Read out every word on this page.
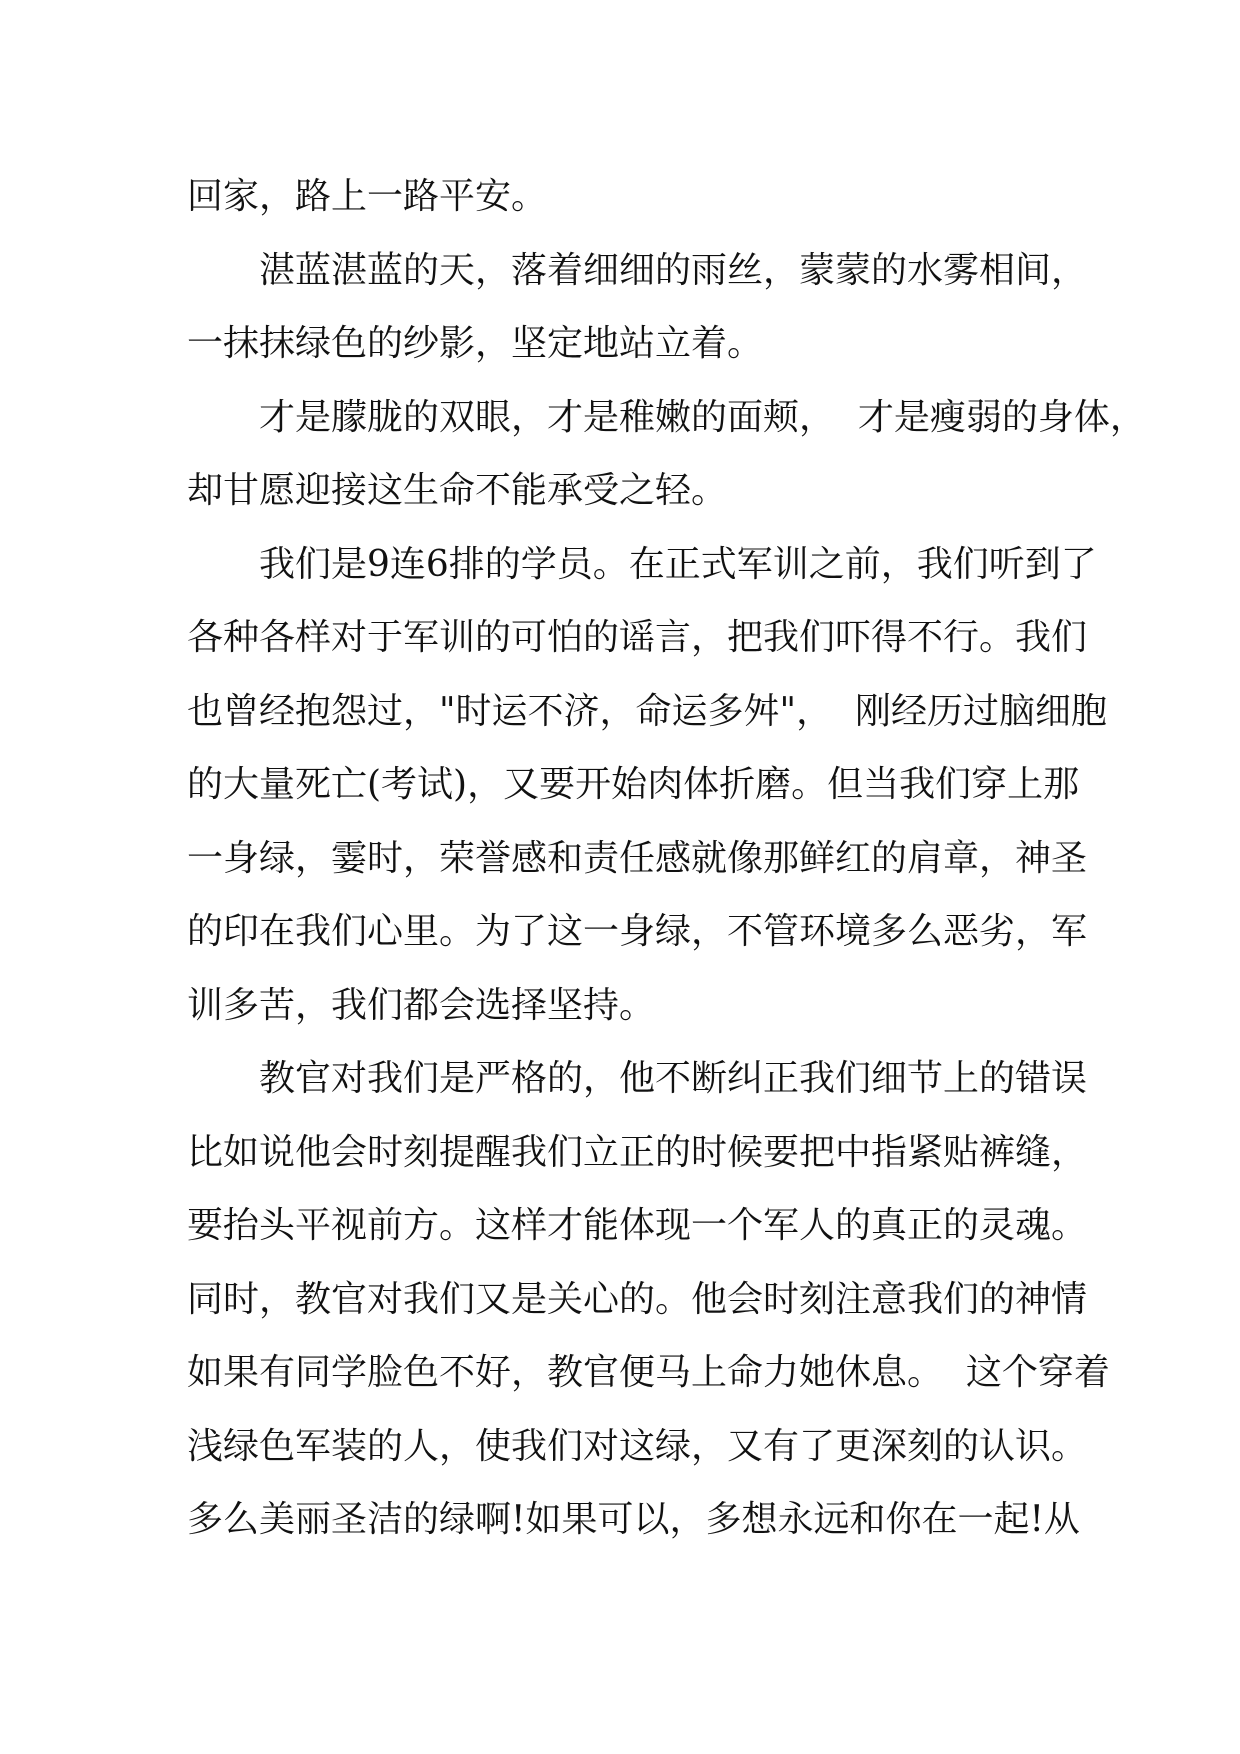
回家，路上一路平安。
湛蓝湛蓝的天，落着细细的雨丝，蒙蒙的水雾相间，
一抹抹绿色的纱影，坚定地站立着。
才是朦胧的双眼，才是稚嫩的面颊，  才是瘦弱的身体，
却甘愿迎接这生命不能承受之轻。
我们是9连6排的学员。在正式军训之前，我们听到了
各种各样对于军训的可怕的谣言，把我们吓得不行。我们
也曾经抱怨过，"时运不济，命运多舛"，  刚经历过脑细胞
的大量死亡(考试)，又要开始肉体折磨。但当我们穿上那
一身绿，霎时，荣誉感和责任感就像那鲜红的肩章，神圣
的印在我们心里。为了这一身绿，不管环境多么恶劣，军
训多苦，我们都会选择坚持。
教官对我们是严格的，他不断纠正我们细节上的错误
比如说他会时刻提醒我们立正的时候要把中指紧贴裤缝，
要抬头平视前方。这样才能体现一个军人的真正的灵魂。
同时，教官对我们又是关心的。他会时刻注意我们的神情
如果有同学脸色不好，教官便马上命力她休息。  这个穿着
浅绿色军装的人，使我们对这绿，又有了更深刻的认识。
多么美丽圣洁的绿啊!如果可以，多想永远和你在一起!从
